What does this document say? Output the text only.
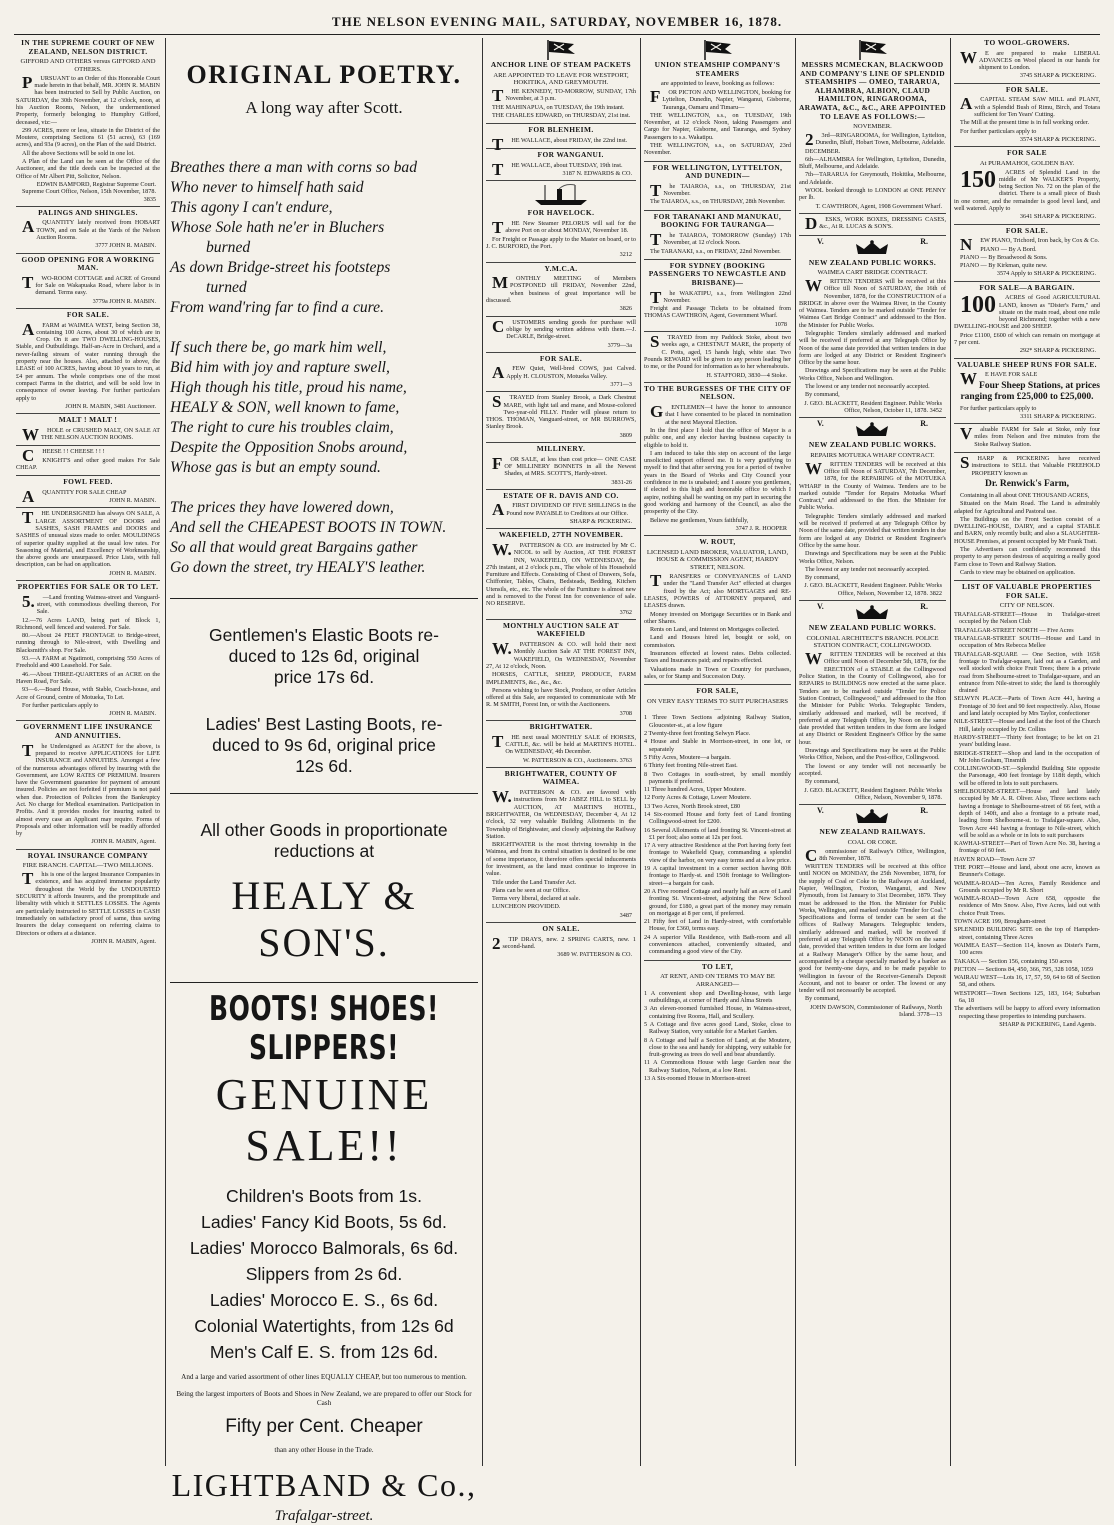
THE NELSON EVENING MAIL, SATURDAY, NOVEMBER 16, 1878.
IN THE SUPREME COURT OF NEW ZEALAND, NELSON DISTRICT.
GIFFORD AND OTHERS versus GIFFORD AND OTHERS.
PURSUANT to an Order of this Honorable Court made herein in that behalf, MR. JOHN R. MABIN has been instructed to Sell by Public Auction, on SATURDAY, the 30th November, at 12 o'clock, noon, at his Auction Rooms, Nelson, the undermentioned Property, formerly belonging to Humphry Gifford, deceased, viz:—
299 ACRES, more or less, situate in the District of the Moutere, comprising Sections 61 (51 acres), 63 (169 acres), and 93a (9 acres), on the Plan of the said District.
All the above Sections will be sold in one lot.
A Plan of the Land can be seen at the Office of the Auctioneer, and the title deeds can be inspected at the Office of Mr Albert Pitt, Solicitor, Nelson.
EDWIN BAMFORD, Registrar Supreme Court. Supreme Court Office, Nelson, 15th November, 1878. 3835
PALINGS AND SHINGLES.
AQUANTITY lately received from HOBART TOWN, and on Sale at the Yards of the Nelson Auction Rooms.
3777 JOHN R. MABIN.
GOOD OPENING FOR A WORKING MAN.
TWO-ROOM COTTAGE and ACRE of Ground for Sale on Wakapuaka Road, where labor is in demand. Terms easy.
3779a JOHN R. MABIN.
FOR SALE.
AFARM at WAIMEA WEST, being Section 38, containing 100 Acres, about 30 of which are in Crop. On it are TWO DWELLING-HOUSES, Stable, and Outbuildings. Half-an-Acre in Orchard, and a never-failing stream of water running through the property near the houses. Also, attached to above, the LEASE of 100 ACRES, having about 10 years to run, at £4 per annum. The whole comprises one of the most compact Farms in the district, and will be sold low in consequence of owner leaving. For further particulars apply to
JOHN R. MABIN, 3481 Auctioneer.
MALT ! MALT !
WHOLE or CRUSHED MALT, ON SALE AT THE NELSON AUCTION ROOMS.
CHEESE ! ! CHEESE ! ! !
KNIGHT'S and other good makes For Sale CHEAP.
FOWL FEED.
AQUANTITY FOR SALE CHEAP
JOHN R. MABIN.
THE UNDERSIGNED has always ON SALE, A LARGE ASSORTMENT OF DOORS and SASHES, SASH FRAMES and DOORS and SASHES of unusual sizes made to order. MOULDINGS of superior quality supplied at the usual low rates. For Seasoning of Material, and Excellency of Workmanship, the above goods are unsurpassed. Price Lists, with full description, can be had on application.
JOHN R. MABIN.
PROPERTIES FOR SALE OR TO LET.
5.—Land fronting Waimea-street and Vanguard-street, with commodious dwelling thereon, For Sale.
12.—76 Acres LAND, being part of Block 1, Richmond, well fenced and watered. For Sale.
80.—About 24 FEET FRONTAGE to Bridge-street, running through to Nile-street, with Dwelling and Blacksmith's shop. For Sale.
93.—A FARM at Ngatimoti, comprising 550 Acres of Freehold and 400 Leasehold. For Sale.
46.—About THREE-QUARTERS of an ACRE on the Haven Road, For Sale.
93—6.—Board House, with Stable, Coach-house, and Acre of Ground, centre of Motueka, To Let.
For further particulars apply to
JOHN R. MABIN.
GOVERNMENT LIFE INSURANCE AND ANNUITIES.
The Undersigned as AGENT for the above, is prepared to receive APPLICATIONS for LIFE INSURANCE and ANNUITIES. Amongst a few of the numerous advantages offered by insuring with the Government, are LOW RATES OF PREMIUM. Insurers have the Government guarantee for payment of amount insured. Policies are not forfeited if premium is not paid when due. Protection of Policies from the Bankruptcy Act. No charge for Medical examination. Participation in Profits. And it provides modes for insuring suited to almost every case an Applicant may require. Forms of Proposals and other information will be readily afforded by
JOHN R. MABIN, Agent.
ROYAL INSURANCE COMPANY
FIRE BRANCH. CAPITAL—TWO MILLIONS.
This is one of the largest Insurance Companies in existence, and has acquired immense popularity throughout the World by the UNDOUBTED SECURITY it affords Insurers, and the promptitude and liberality with which it SETTLES LOSSES. The Agents are particularly instructed to SETTLE LOSSES in CASH immediately on satisfactory proof of same, thus saving Insurers the delay consequent on referring claims to Directors or others at a distance.
JOHN R. MABIN, Agent.
ORIGINAL POETRY.
A long way after Scott.

Breathes there a man with corns so bad

Who never to himself hath said

This agony I can't endure,

Whose Sole hath ne'er in Bluchers

burned

As down Bridge-street his footsteps

turned

From wand'ring far to find a cure.

If such there be, go mark him well,

Bid him with joy and rapture swell,

High though his title, proud his name,

HEALY & SON, well known to fame,

The right to cure his troubles claim,

Despite the Opposition Snobs around,

Whose gas is but an empty sound.

The prices they have lowered down,

And sell the CHEAPEST BOOTS IN TOWN.

So all that would great Bargains gather

Go down the street, try HEALY'S leather.

Gentlemen's Elastic Boots re-
duced to 12s 6d, original
price 17s 6d.
Ladies' Best Lasting Boots, re-
duced to 9s 6d, original price
12s 6d.
All other Goods in proportionate
reductions at
HEALY & SON'S.
BOOTS! SHOES! SLIPPERS!
GENUINE SALE!!

Children's Boots from 1s.

Ladies' Fancy Kid Boots, 5s 6d.

Ladies' Morocco Balmorals, 6s 6d.

Slippers from 2s 6d.

Ladies' Morocco E. S., 6s 6d.

Colonial Watertights, from 12s 6d

Men's Calf E. S. from 12s 6d.

And a large and varied assortment of other lines EQUALLY CHEAP, but too numerous to mention.
Being the largest importers of Boots and Shoes in New Zealand, we are prepared to offer our Stock for Cash
Fifty per Cent. Cheaper
than any other House in the Trade.
LIGHTBAND & Co.,
Trafalgar-street.
ANCHOR LINE OF STEAM PACKETS
ARE APPOINTED TO LEAVE FOR WESTPORT, HOKITIKA, AND GREYMOUTH.
THE KENNEDY, TO-MORROW, SUNDAY, 17th November, at 3 p.m.
THE MAHINAPUA, on TUESDAY, the 19th instant.
THE CHARLES EDWARD, on THURSDAY, 21st inst.
FOR BLENHEIM.
THE WALLACE, about FRIDAY, the 22nd inst.
FOR WANGANUI.
THE WALLACE, about TUESDAY, 19th inst.
3187 N. EDWARDS & CO.
FOR HAVELOCK.
THE New Steamer PELORUS will sail for the above Port on or about MONDAY, November 18.
For Freight or Passage apply to the Master on board, or to J. C. BURFORD, the Port.
3212
Y.M.C.A.
MONTHLY MEETING of Members POSTPONED till FRIDAY, November 22nd, when business of great importance will be discussed.
3826
CUSTOMERS sending goods for purchase will oblige by sending written address with them.—J. DeCARLE, Bridge-street.
3779—3a
FOR SALE.
AFEW Quiet, Well-bred COWS, just Calved. Apply H. CLOUSTON, Motueka Valley.
3771—3
STRAYED from Stanley Brook, a Dark Chestnut MARE, with light tail and mane, and Mouse-colored Two-year-old FILLY. Finder will please return to THOS. THOMAN, Vanguard-street, or MR BURROWS, Stanley Brook.
3809
MILLINERY.
FOR SALE, at less than cost price— ONE CASE OF MILLINERY BONNETS in all the Newest Shades, at MRS. SCOTT'S, Hardy-street.
3831-26
ESTATE OF R. DAVIS AND CO.
AFIRST DIVIDEND OF FIVE SHILLINGS in the Pound now PAYABLE to Creditors at our Office.
SHARP & PICKERING.
WAKEFIELD, 27TH NOVEMBER.
W.PATTERSON & CO. are instructed by Mr C. NICOL to sell by Auction, AT THE FOREST INN, WAKEFIELD, ON WEDNESDAY, the 27th instant, at 2 o'clock p.m., The whole of his Household Furniture and Effects. Consisting of Chest of Drawers, Sofa, Chiffonier, Tables, Chairs, Bedsteads, Bedding, Kitchen Utensils, etc., etc. The whole of the Furniture is almost new and is removed to the Forest Inn for convenience of sale. NO RESERVE.
3762
MONTHLY AUCTION SALE AT WAKEFIELD
W.PATTERSON & CO. will hold their next Monthly Auction Sale AT THE FOREST INN, WAKEFIELD, On WEDNESDAY, November 27, At 12 o'clock, Noon.
HORSES, CATTLE, SHEEP, PRODUCE, FARM IMPLEMENTS, &c., &c., &c.
Persons wishing to have Stock, Produce, or other Articles offered at this Sale, are requested to communicate with Mr R. M SMITH, Forest Inn, or with the Auctioneers.
3708
BRIGHTWATER.
THE next usual MONTHLY SALE of HORSES, CATTLE, &c. will be held at MARTIN'S HOTEL. On WEDNESDAY, 4th December.
W. PATTERSON & CO., Auctioneers. 3763
BRIGHTWATER, COUNTY OF WAIMEA.
W.PATTERSON & CO. are favored with instructions from Mr JABEZ HILL to SELL by AUCTION, AT MARTIN'S HOTEL, BRIGHTWATER, On WEDNESDAY, December 4, At 12 o'clock, 32 very valuable Building Allotments in the Township of Brightwater, and closely adjoining the Railway Station.
BRIGHTWATER is the most thriving township in the Waimea, and from its central situation is destined to be one of some importance, it therefore offers special inducements for investment, as the land must continue to improve in value.
Title under the Land Transfer Act.
Plans can be seen at our Office.
Terms very liberal, declared at sale.
LUNCHEON PROVIDED.
3487
ON SALE.
2TIP DRAYS, new. 2 SPRING CARTS, new. 1 second-hand.
3689 W. PATTERSON & CO.
UNION STEAMSHIP COMPANY'S STEAMERS
are appointed to leave, booking as follows:
FOR PICTON AND WELLINGTON, booking for Lyttelton, Dunedin, Napier, Wanganui, Gisborne, Tauranga, Oamaru and Timaru—
THE WELLINGTON, s.s., on TUESDAY, 19th November, at 12 o'clock Noon, taking Passengers and Cargo for Napier, Gisborne, and Tauranga, and Sydney Passengers to s.s. Wakatipu.
THE WELLINGTON, s.s., on SATURDAY, 23rd November.
FOR WELLINGTON, LYTTELTON, AND DUNEDIN—
The TAIAROA, s.s., on THURSDAY, 21st November.
The TAIAROA, s.s., on THURSDAY, 28th November.
FOR TARANAKI AND MANUKAU, BOOKING FOR TAURANGA—
The TAIAROA, TOMORROW (Sunday) 17th November, at 12 o'clock Noon.
The TARANAKI, s.s., on FRIDAY, 22nd November.
FOR SYDNEY (BOOKING PASSENGERS TO NEWCASTLE AND BRISBANE)—
The WAKATIPU, s.s., from Wellington 22nd November.
Freight and Passage Tickets to be obtained from THOMAS CAWTHRON, Agent, Government Wharf.
1078
STRAYED from my Paddock Stoke, about two weeks ago, a CHESTNUT MARE, the property of C. Potts, aged, 15 hands high, white star. Two Pounds REWARD will be given to any person leading her to me, or the Pound for information as to her whereabouts.
H. STAFFORD, 3830—4 Stoke.
TO THE BURGESSES OF THE CITY OF NELSON.
GENTLEMEN—I have the honor to announce that I have consented to be placed in nomination at the next Mayoral Election.
In the first place I hold that the office of Mayor is a public one, and any elector having business capacity is eligible to hold it.
I am induced to take this step on account of the large unsolicited support offered me. It is very gratifying to myself to find that after serving you for a period of twelve years in the Board of Works and City Council your confidence in me is unabated; and I assure you gentlemen, if elected to this high and honorable office to which I aspire, nothing shall be wanting on my part in securing the good working and harmony of the Council, as also the prosperity of the City.
Believe me gentlemen, Yours faithfully,
3747 J. R. HOOPER
W. ROUT,
LICENSED LAND BROKER, VALUATOR, LAND, HOUSE & COMMISSION AGENT, HARDY STREET, NELSON.
TRANSFERS or CONVEYANCES of LAND under the "Land Transfer Act" effected at charges fixed by the Act; also MORTGAGES and RE-LEASES, POWERS of ATTORNEY prepared, and LEASES drawn.
Money invested on Mortgage Securities or in Bank and other Shares.
Rents on Land, and Interest on Mortgages collected.
Land and Houses hired let, bought or sold, on commission.
Insurances effected at lowest rates. Debts collected. Taxes and Insurances paid; and repairs effected.
Valuations made in Town or Country for purchases, sales, or for Stamp and Succession Duty.
FOR SALE,
ON VERY EASY TERMS TO SUIT PURCHASERS—
1 Three Town Sections adjoining Railway Station, Gloucester-st., at a low figure
2 Twenty-three feet fronting Selwyn Place.
4 House and Stable in Morrison-street, in one lot, or separately
5 Fifty Acres, Moutere—a bargain.
6 Thirty feet fronting Nile-street East.
8 Two Cottages in south-street, by small monthly payments if preferred.
11 Three hundred Acres, Upper Moutere.
12 Forty Acres & Cottage, Lower Moutere.
13 Two Acres, North Brook street, £80
14 Six-roomed House and forty feet of Land fronting Collingwood-street for £200.
16 Several Allotments of land fronting St. Vincent-street at £1 per foot; also some at 12s per foot.
17 A very attractive Residence at the Port having forty feet frontage to Wakefield Quay, commanding a splendid view of the harbor, on very easy terms and at a low price.
19 A capital investment in a corner section having 80ft frontage to Hardy-st. and 150ft frontage to Wellington-street—a bargain for cash.
20 A Five roomed Cottage and nearly half an acre of Land fronting St. Vincent-street, adjoining the New School ground, for £180, a great part of the money may remain on mortgage at 8 per cent, if preferred.
21 Fifty feet of Land in Hardy-street, with comfortable House, for £360, terms easy.
24 A superior Villa Residence, with Bath-room and all conveniences attached, conveniently situated, and commanding a good view of the City.
TO LET,
AT RENT, AND ON TERMS TO MAY BE ARRANGED—
1 A convenient shop and Dwelling-house, with large outbuildings, at corner of Hardy and Alma Streets
3 An eleven-roomed furnished House, in Waimea-street, containing five Rooms, Hall, and Scullery.
5 A Cottage and five acres good Land, Stoke, close to Railway Station, very suitable for a Market Garden.
8 A Cottage and half a Section of Land, at the Moutere, close to the sea and handy for shipping, very suitable for fruit-growing as trees do well and bear abundantly.
11 A Commodious House with large Garden near the Railway Station, Nelson, at a low Rent.
13 A Six-roomed House in Morrison-street
MESSRS MCMECKAN, BLACKWOOD AND COMPANY'S LINE OF SPLENDID STEAMSHIPS — OMEO, TARARUA, ALHAMBRA, ALBION, CLAUD HAMILTON, RINGAROOMA, ARAWATA, &C., &C., ARE APPOINTED TO LEAVE AS FOLLOWS:—
NOVEMBER.
23rd—RINGAROOMA, for Wellington, Lyttelton, Dunedin, Bluff, Hobart Town, Melbourne, Adelaide.
DECEMBER.
6th—ALHAMBRA for Wellington, Lyttelton, Dunedin, Bluff, Melbourne, and Adelaide.
7th—TARARUA for Greymouth, Hokitika, Melbourne, and Adelaide.
WOOL booked through to LONDON at ONE PENNY per lb.
T. CAWTHRON, Agent, 1908 Government Wharf.
DESKS, WORK BOXES, DRESSING CASES, &c., At R. LUCAS & SON'S.
V.	R.
NEW ZEALAND PUBLIC WORKS.
WAIMEA CART BRIDGE CONTRACT.
WRITTEN TENDERS will be received at this Office till Noon of SATURDAY, the 16th of November, 1878, for the CONSTRUCTION of a BRIDGE in above over the Waimea River, in the County of Waimea. Tenders are to be marked outside "Tender for Waimea Cart Bridge Contract" and addressed to the Hon. the Minister for Public Works.
Telegraphic Tenders similarly addressed and marked will be received if preferred at any Telegraph Office by Noon of the same date provided that written tenders in due form are lodged at any District or Resident Engineer's Office by the same hour.
Drawings and Specifications may be seen at the Public Works Office, Nelson and Wellington.
The lowest or any tender not necessarily accepted.
By command,
J. GEO. BLACKETT, Resident Engineer. Public Works Office, Nelson, October 11, 1878. 3452
V.	R.
NEW ZEALAND PUBLIC WORKS.
REPAIRS MOTUEKA WHARF CONTRACT.
WRITTEN TENDERS will be received at this Office till Noon of SATURDAY, 7th December, 1878, for the REPAIRING of the MOTUEKA WHARF in the County of Waimea. Tenders are to be marked outside "Tender for Repairs Motueka Wharf Contract," and addressed to the Hon. the Minister for Public Works.
Telegraphic Tenders similarly addressed and marked will be received if preferred at any Telegraph Office by Noon of the same date, provided that written tenders in due form are lodged at any District or Resident Engineer's Office by the same hour.
Drawings and Specifications may be seen at the Public Works Office, Nelson.
The lowest or any tender not necessarily accepted.
By command,
J. GEO. BLACKETT, Resident Engineer. Public Works Office, Nelson, November 12, 1878. 3822
V.	R.
NEW ZEALAND PUBLIC WORKS.
COLONIAL ARCHITECT'S BRANCH. POLICE STATION CONTRACT, COLLINGWOOD.
WRITTEN TENDERS will be received at this Office until Noon of December 5th, 1878, for the ERECTION of a STABLE at the Collingwood Police Station, in the County of Collingwood, also for REPAIRS to BUILDINGS now erected at the same place. Tenders are to be marked outside "Tender for Police Station Contract, Collingwood," and addressed to the Hon the Minister for Public Works. Telegraphic Tenders, similarly addressed and marked, will be received, if preferred at any Telegraph Office, by Noon on the same date provided that written tenders in due form are lodged at any District or Resident Engineer's Office by the same hour.
Drawings and Specifications may be seen at the Public Works Office, Nelson, and the Post-office, Collingwood.
The lowest or any tender will not necessarily be accepted.
By command,
J. GEO. BLACKETT, Resident Engineer. Public Works Office, Nelson, November 9, 1878.
V.	R.
NEW ZEALAND RAILWAYS.
COAL OR COKE.
Commissioner of Railway's Office, Wellington, 8th November, 1878.
WRITTEN TENDERS will be received at this office until NOON on MONDAY, the 25th November, 1878, for the supply of Coal or Coke to the Railways at Auckland, Napier, Wellington, Foxton, Wanganui, and New Plymouth, from 1st January to 31st December, 1879. They must be addressed to the Hon. the Minister for Public Works, Wellington, and marked outside "Tender for Coal." Specifications and forms of tender can be seen at the offices of Railway Managers. Telegraphic tenders, similarly addressed and marked, will be received if preferred at any Telegraph Office by NOON on the same date, provided that written tenders in due form are lodged at a Railway Manager's Office by the same hour, and accompanied by a cheque specially marked by a banker as good for twenty-one days, and to be made payable to Wellington in favour of the Receiver-General's Deposit Account, and not to bearer or order. The lowest or any tender will not necessarily be accepted.
By command,
JOHN DAWSON, Commissioner of Railways, North Island. 3778—13
TO WOOL-GROWERS.
WE are prepared to make LIBERAL ADVANCES on Wool placed in our hands for shipment to London.
3745 SHARP & PICKERING.
FOR SALE.
ACAPITAL STEAM SAW MILL and PLANT, with a Splendid Bush of Rimu, Birch, and Totara sufficient for Ten Years' Cutting.
The Mill at the present time is in full working order.
For further particulars apply to
3574 SHARP & PICKERING.
FOR SALE
At PURAMAHOI, GOLDEN BAY.
150	ACRES of Splendid Land in the middle of Mr WALKER'S Property, being Section No. 72 on the plan of the district. There is a small piece of Bush in one corner, and the remainder is good level land, and well watered. Apply to
3641 SHARP & PICKERING.
FOR SALE.
NEW PIANO, Trichord, Iron back, by Cox & Co.
PIANO — By A Bord.
PIANO — By Broadwood & Sons.
PIANO — By Kirkman, quite new.
3574 Apply to SHARP & PICKERING.
FOR SALE—A BARGAIN.
100	ACRES of Good AGRICULTURAL LAND, known as "Dister's Farm," and situate on the main road, about one mile beyond Richmond; together with a new DWELLING-HOUSE and 200 SHEEP.
Price £1100, £600 of which can remain on mortgage at 7 per cent.
292* SHARP & PICKERING.
VALUABLE SHEEP RUNS FOR SALE.
WE HAVE FOR SALE
Four Sheep Stations, at prices ranging from £25,000 to £25,000.
For further particulars apply to
3311 SHARP & PICKERING.
Valuable FARM for Sale at Stoke, only four miles from Nelson and five minutes from the Stoke Railway Station.
SHARP & PICKERING have received instructions to SELL that Valuable FREEHOLD PROPERTY known as
Dr. Renwick's Farm,
Containing in all about ONE THOUSAND ACRES,
Situated on the Main Road. The Land is admirably adapted for Agricultural and Pastoral use.
The Buildings on the Front Section consist of a DWELLING-HOUSE, DAIRY, and a capital STABLE and BARN, only recently built; and also a SLAUGHTER-HOUSE Premises, at present occupied by Mr Frank Tratt.
The Advertisers can confidently recommend this property to any person desirous of acquiring a really good Farm close to Town and Railway Station.
Cards to view may be obtained on application.
LIST OF VALUABLE PROPERTIES FOR SALE.
CITY OF NELSON.
TRAFALGAR-STREET—House in Trafalgar-street occupied by the Nelson Club
TRAFALGAR-STREET NORTH — Five Acres
TRAFALGAR-STREET SOUTH—House and Land in occupation of Mrs Rebecca Mellee
TRAFALGAR-SQUARE — One Section, with 165ft frontage to Trafalgar-square, laid out as a Garden, and well stocked with choice Fruit Trees; there is a private road from Shelbourne-street to Trafalgar-square, and an entrance from Nile-street to side; the land is thoroughly drained
SELWYN PLACE—Parts of Town Acre 441, having a Frontage of 30 feet and 90 feet respectively. Also, House and land lately occupied by Mrs Taylor, confectioner
NILE-STREET—House and land at the foot of the Church Hill, lately occupied by Dr. Collins
HARDY-STREET—Thirty feet frontage; to be let on 21 years' building lease.
BRIDGE-STREET—Shop and land in the occupation of Mr John Graham, Tinsmith
COLLINGWOOD-ST.—Splendid Building Site opposite the Parsonage, 400 feet frontage by 118ft depth, which will be offered in lots to suit purchasers.
SHELBOURNE-STREET—House and land lately occupied by Mr A. R. Oliver. Also, Three sections each having a frontage to Shelbourne-street of 66 feet, with a depth of 140ft, and also a frontage to a private road, leading from Shelbourne-st. to Trafalgar-square. Also, Town Acre 441 having a frontage to Nile-street, which will be sold as a whole or in lots to suit purchasers
KAWHAI-STREET—Part of Town Acre No. 38, having a frontage of 60 feet.
HAVEN ROAD—Town Acre 37
THE PORT—House and land, about one acre, known as Brunner's Cottage.
WAIMEA-ROAD—Ten Acres, Family Residence and Grounds occupied by Mr R. Short
WAIMEA-ROAD—Town Acre 658, opposite the residence of Mrs Snow. Also, Five Acres, laid out with choice Fruit Trees.
TOWN ACRE 199, Brougham-street
SPLENDID BUILDING SITE on the top of Hampden-street, containing Three Acres
WAIMEA EAST—Section 114, known as Dister's Farm, 100 acres
TAKAKA — Section 156, containing 150 acres
PICTON — Sections 84, 450, 366, 795, 328 1058, 1059
WAIRAU WEST—Lots 16, 17, 57, 59, 64 to 68 of Section 58, and others.
WESTPORT—Town Sections 125, 183, 164; Suburban 6a, 18
The advertisers will be happy to afford every information respecting these properties to intending purchasers.
SHARP & PICKERING, Land Agents.
